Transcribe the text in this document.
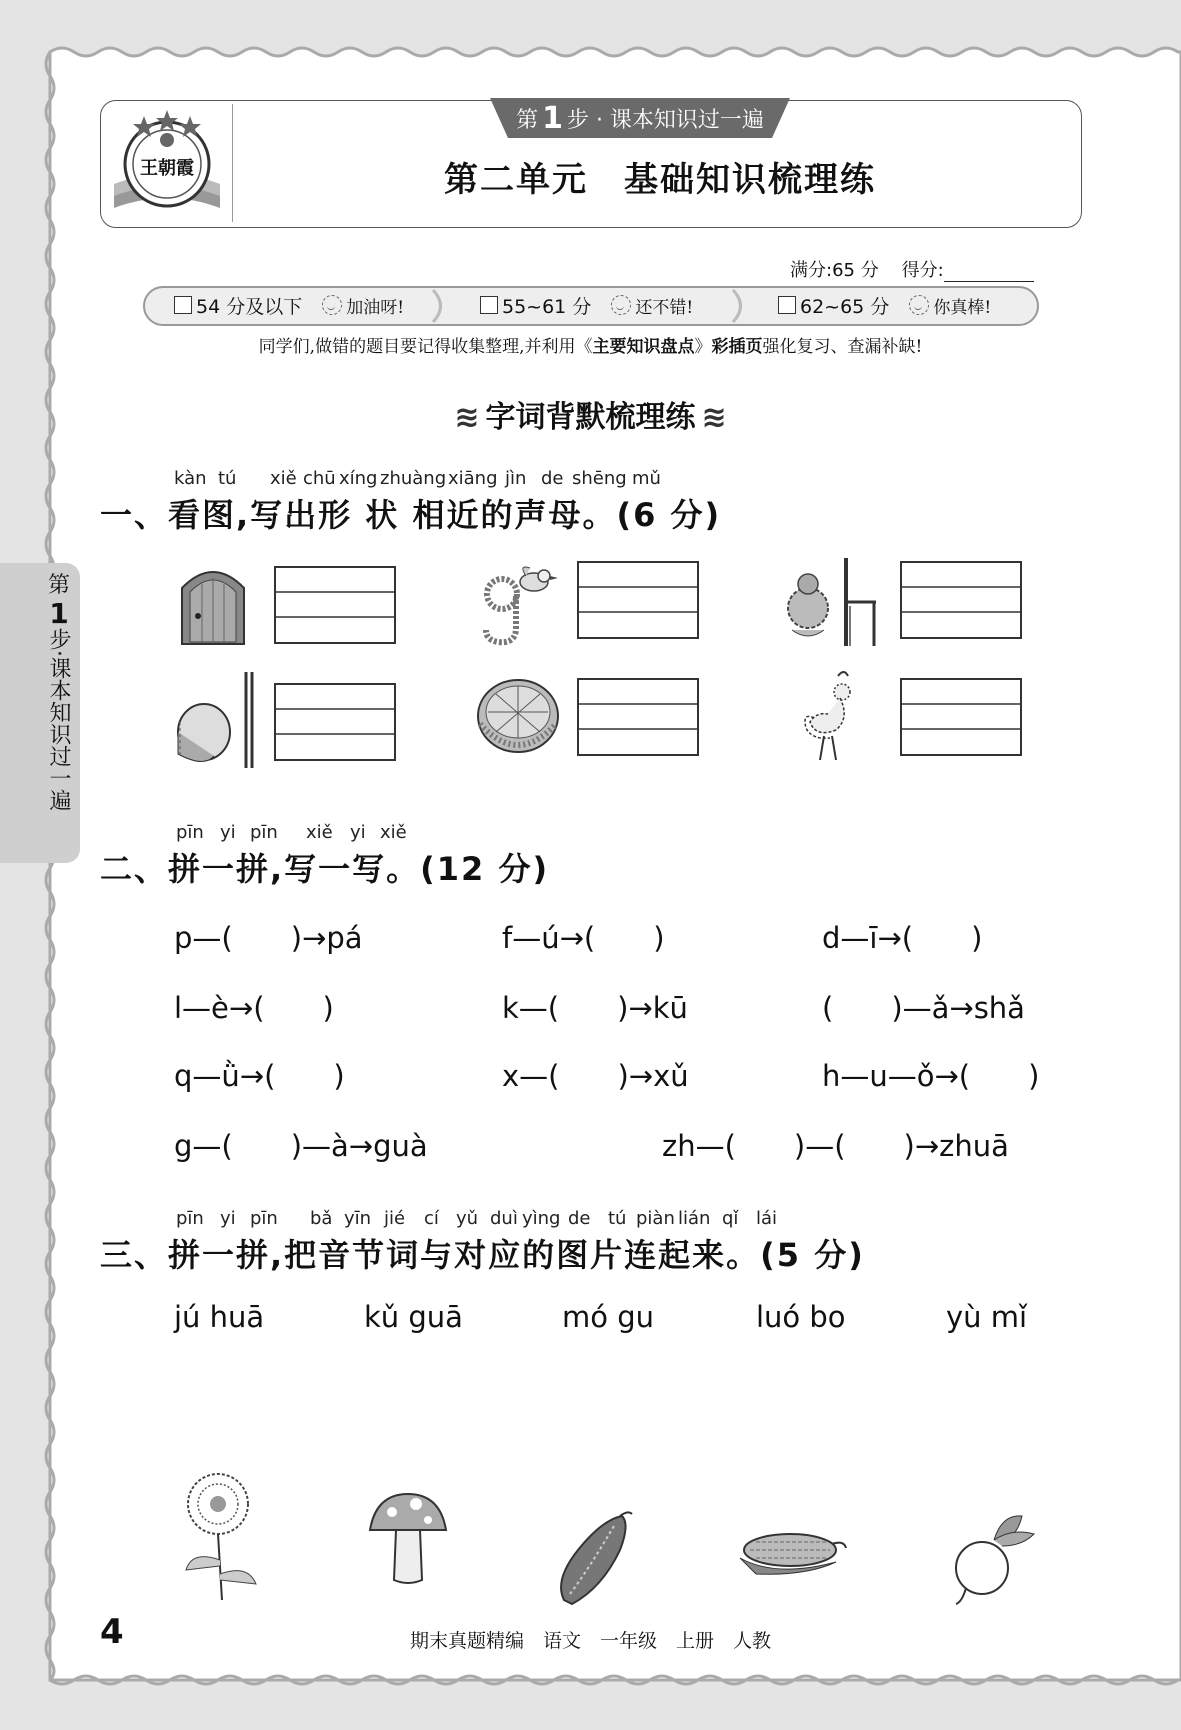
第
1
步·课本知识过一遍
王朝霞
第 1 步 · 课本知识过一遍
第二单元　基础知识梳理练
满分:65 分 得分:
54 分及以下	加油呀!	55~61 分	还不错!	62~65 分	你真棒!
同学们,做错的题目要记得收集整理,并利用《主要知识盘点》彩插页强化复习、查漏补缺!
≋ 字词背默梳理练 ≋
kàn tú xiě chū xíng zhuàng xiāng jìn de shēng mǔ
一、看图,写出形 状 相近的声母。(6 分)
pīn yi pīn xiě yi xiě
二、拼一拼,写一写。(12 分)
p—(　　)→pá	f—ú→(　　)	d—ī→(　　)
l—è→(　　)	k—(　　)→kū	(　　)—ǎ→shǎ
q—ǜ→(　　)	x—(　　)→xǔ	h—u—ǒ→(　　)
g—(　　)—à→guà	zh—(　　)—(　　)→zhuā
pīn yi pīn bǎ yīn jié cí yǔ duì yìng de tú piàn lián qǐ lái
三、拼一拼,把音节词与对应的图片连起来。(5 分)
jú huā	kǔ guā	mó gu	luó bo	yù mǐ
4	期末真题精编　语文　一年级　上册　人教
